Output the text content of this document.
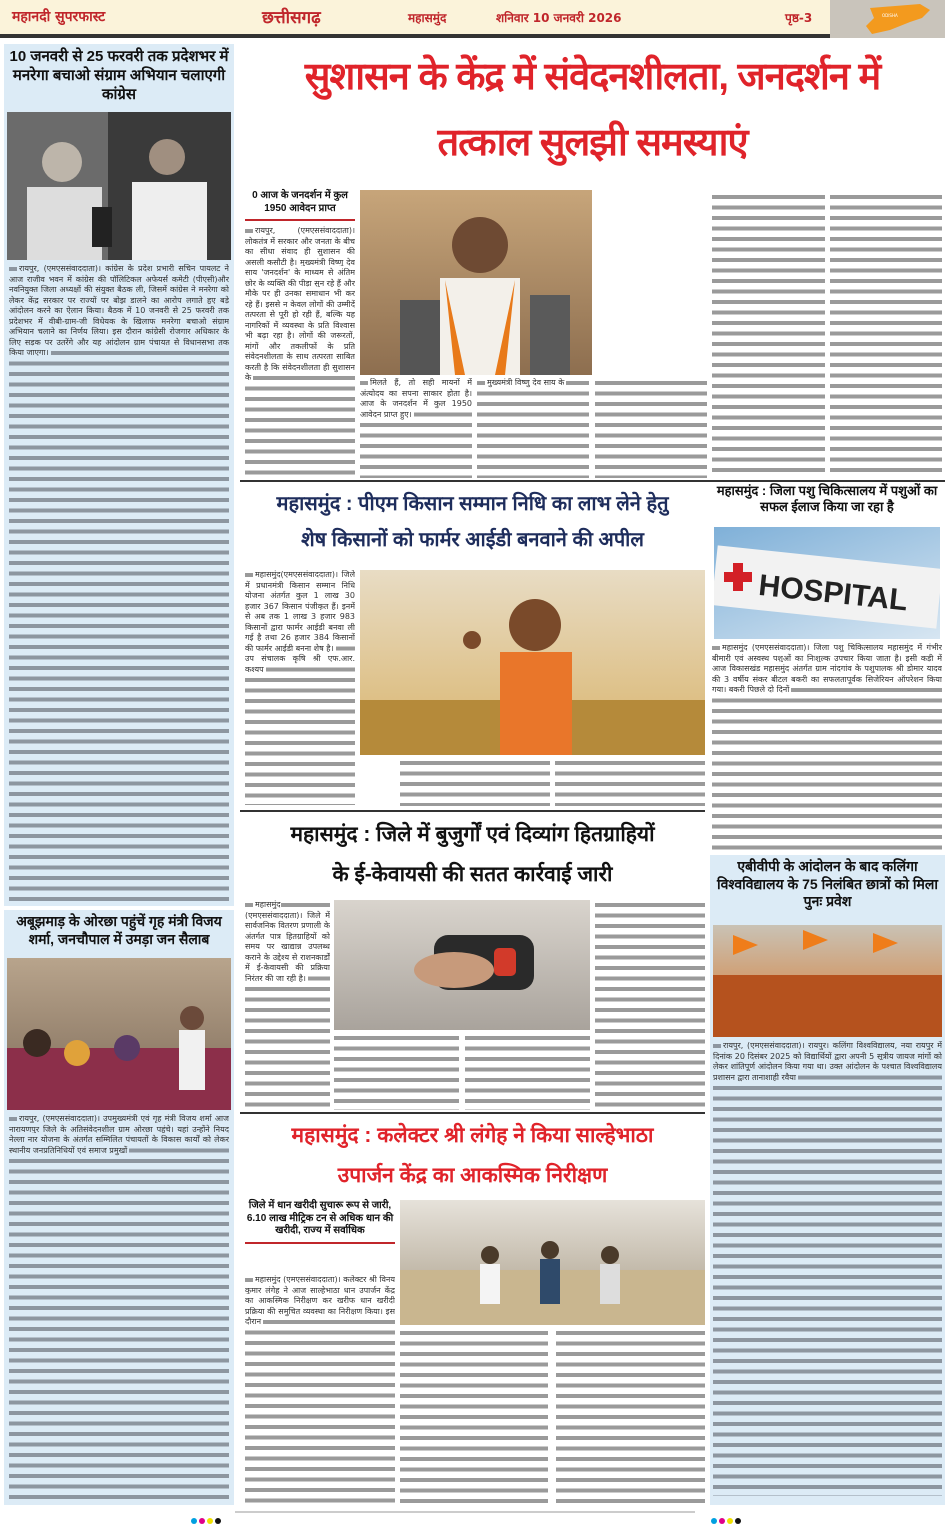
महानदी सुपरफास्ट	छत्तीसगढ़	महासमुंद	शनिवार 10 जनवरी 2026	पृष्ठ-3	ODISHA
10 जनवरी से 25 फरवरी तक प्रदेशभर में मनरेगा बचाओ संग्राम अभियान चलाएगी कांग्रेस
रायपुर, (एमएससंवाददाता)। कांग्रेस के प्रदेश प्रभारी सचिन पायलट ने आज राजीव भवन में कांग्रेस की पॉलिटिकल अफेयर्स कमेटी (पीएसी)और नवनियुक्त जिला अध्यक्षों की संयुक्त बैठक ली, जिसमें कांग्रेस ने मनरेगा को लेकर केंद्र सरकार पर राज्यों पर बोझ डालने का आरोप लगाते हुए बड़े आंदोलन करने का ऐलान किया। बैठक में 10 जनवरी से 25 फरवरी तक प्रदेशभर में वीबी-ग्राम-जी विधेयक के खिलाफ मनरेगा बचाओ संग्राम अभियान चलाने का निर्णय लिया। इस दौरान कांग्रेसी रोजगार अधिकार के लिए सड़क पर उतरेंगे और यह आंदोलन ग्राम पंचायत से विधानसभा तक किया जाएगा।
अबूझमाड़ के ओरछा पहुंचें गृह मंत्री विजय शर्मा, जनचौपाल में उमड़ा जन सैलाब
रायपुर, (एमएससंवाददाता)। उपमुख्यमंत्री एवं गृह मंत्री विजय शर्मा आज नारायणपुर जिले के अतिसंवेदनशील ग्राम ओरछा पहुंचे। यहां उन्होंने नियद नेल्ला नार योजना के अंतर्गत सम्मिलित पंचायतों के विकास कार्यों को लेकर स्थानीय जनप्रतिनिधियों एवं समाज प्रमुखों
सुशासन के केंद्र में संवेदनशीलता, जनदर्शन में
तत्काल सुलझी समस्याएं
0 आज के जनदर्शन में कुल 1950 आवेदन प्राप्त
रायपुर, (एमएससंवाददाता)। लोकतंत्र में सरकार और जनता के बीच का सीधा संवाद ही सुशासन की असली कसौटी है। मुख्यमंत्री विष्णु देव साय 'जनदर्शन' के माध्यम से अंतिम छोर के व्यक्ति की पीड़ा सुन रहे हैं और मौके पर ही उनका समाधान भी कर रहे हैं। इससे न केवल लोगों की उम्मीदें तत्परता से पूरी हो रही हैं, बल्कि यह नागरिकों में व्यवस्था के प्रति विश्वास भी बढ़ा रहा है। लोगों की जरूरतों, मांगों और तकलीफों के प्रति संवेदनशीलता के साथ तत्परता साबित करती है कि संवेदनशीलता ही सुशासन के
मिलते हैं, तो सही मायनों में अंत्योदय का सपना साकार होता है। आज के जनदर्शन में कुल 1950 आवेदन प्राप्त हुए।
मुख्यमंत्री विष्णु देव साय के
महासमुंद : पीएम किसान सम्मान निधि का लाभ लेने हेतु
शेष किसानों को फार्मर आईडी बनवाने की अपील
महासमुंद(एमएससंवाददाता)। जिले में प्रधानमंत्री किसान सम्मान निधि योजना अंतर्गत कुल 1 लाख 30 हजार 367 किसान पंजीकृत हैं। इनमें से अब तक 1 लाख 3 हजार 983 किसानों द्वारा फार्मर आईडी बनवा ली गई है तथा 26 हजार 384 किसानों की फार्मर आईडी बनना शेष है।
उप संचालक कृषि श्री एफ.आर. कश्यप
महासमुंद : जिला पशु चिकित्सालय में पशुओं का सफल ईलाज किया जा रहा है
HOSPITAL
महासमुंद (एमएससंवाददाता)। जिला पशु चिकित्सालय महासमुंद में गंभीर बीमारी एवं अस्वस्थ पशुओं का निःशुल्क उपचार किया जाता है। इसी कड़ी में आज विकासखंड महासमुंद अंतर्गत ग्राम नांदगांव के पशुपालक श्री डोमार यादव की 3 वर्षीय संकर बीटल बकरी का सफलतापूर्वक सिजेरियन ऑपरेशन किया गया। बकरी पिछले दो दिनों
महासमुंद : जिले में बुजुर्गों एवं दिव्यांग हितग्राहियों
के ई-केवायसी की सतत कार्रवाई जारी
महासमुंद (एमएससंवाददाता)। जिले में सार्वजनिक वितरण प्रणाली के अंतर्गत पात्र हितग्राहियों को समय पर खाद्यान्न उपलब्ध कराने के उद्देश्य से राशनकार्डों में ई-केवायसी की प्रक्रिया निरंतर की जा रही है।
एबीवीपी के आंदोलन के बाद कलिंगा विश्वविद्यालय के 75 निलंबित छात्रों को मिला पुनः प्रवेश
रायपुर, (एमएससंवाददाता)। रायपुर। कलिंगा विश्वविद्यालय, नया रायपुर में दिनांक 20 दिसंबर 2025 को विद्यार्थियों द्वारा अपनी 5 सूत्रीय जायज मांगों को लेकर शांतिपूर्ण आंदोलन किया गया था। उक्त आंदोलन के पश्चात विश्वविद्यालय प्रशासन द्वारा तानाशाही रवैया
महासमुंद : कलेक्टर श्री लंगेह ने किया साल्हेभाठा
उपार्जन केंद्र का आकस्मिक निरीक्षण
जिले में धान खरीदी सुचारू रूप से जारी, 6.10 लाख मीट्रिक टन से अधिक धान की खरीदी, राज्य में सर्वाधिक
महासमुंद (एमएससंवाददाता)। कलेक्टर श्री विनय कुमार लंगेह ने आज साल्हेभाठा धान उपार्जन केंद्र का आकस्मिक निरीक्षण कर खरीफ धान खरीदी प्रक्रिया की समुचित व्यवस्था का निरीक्षण किया। इस दौरान
